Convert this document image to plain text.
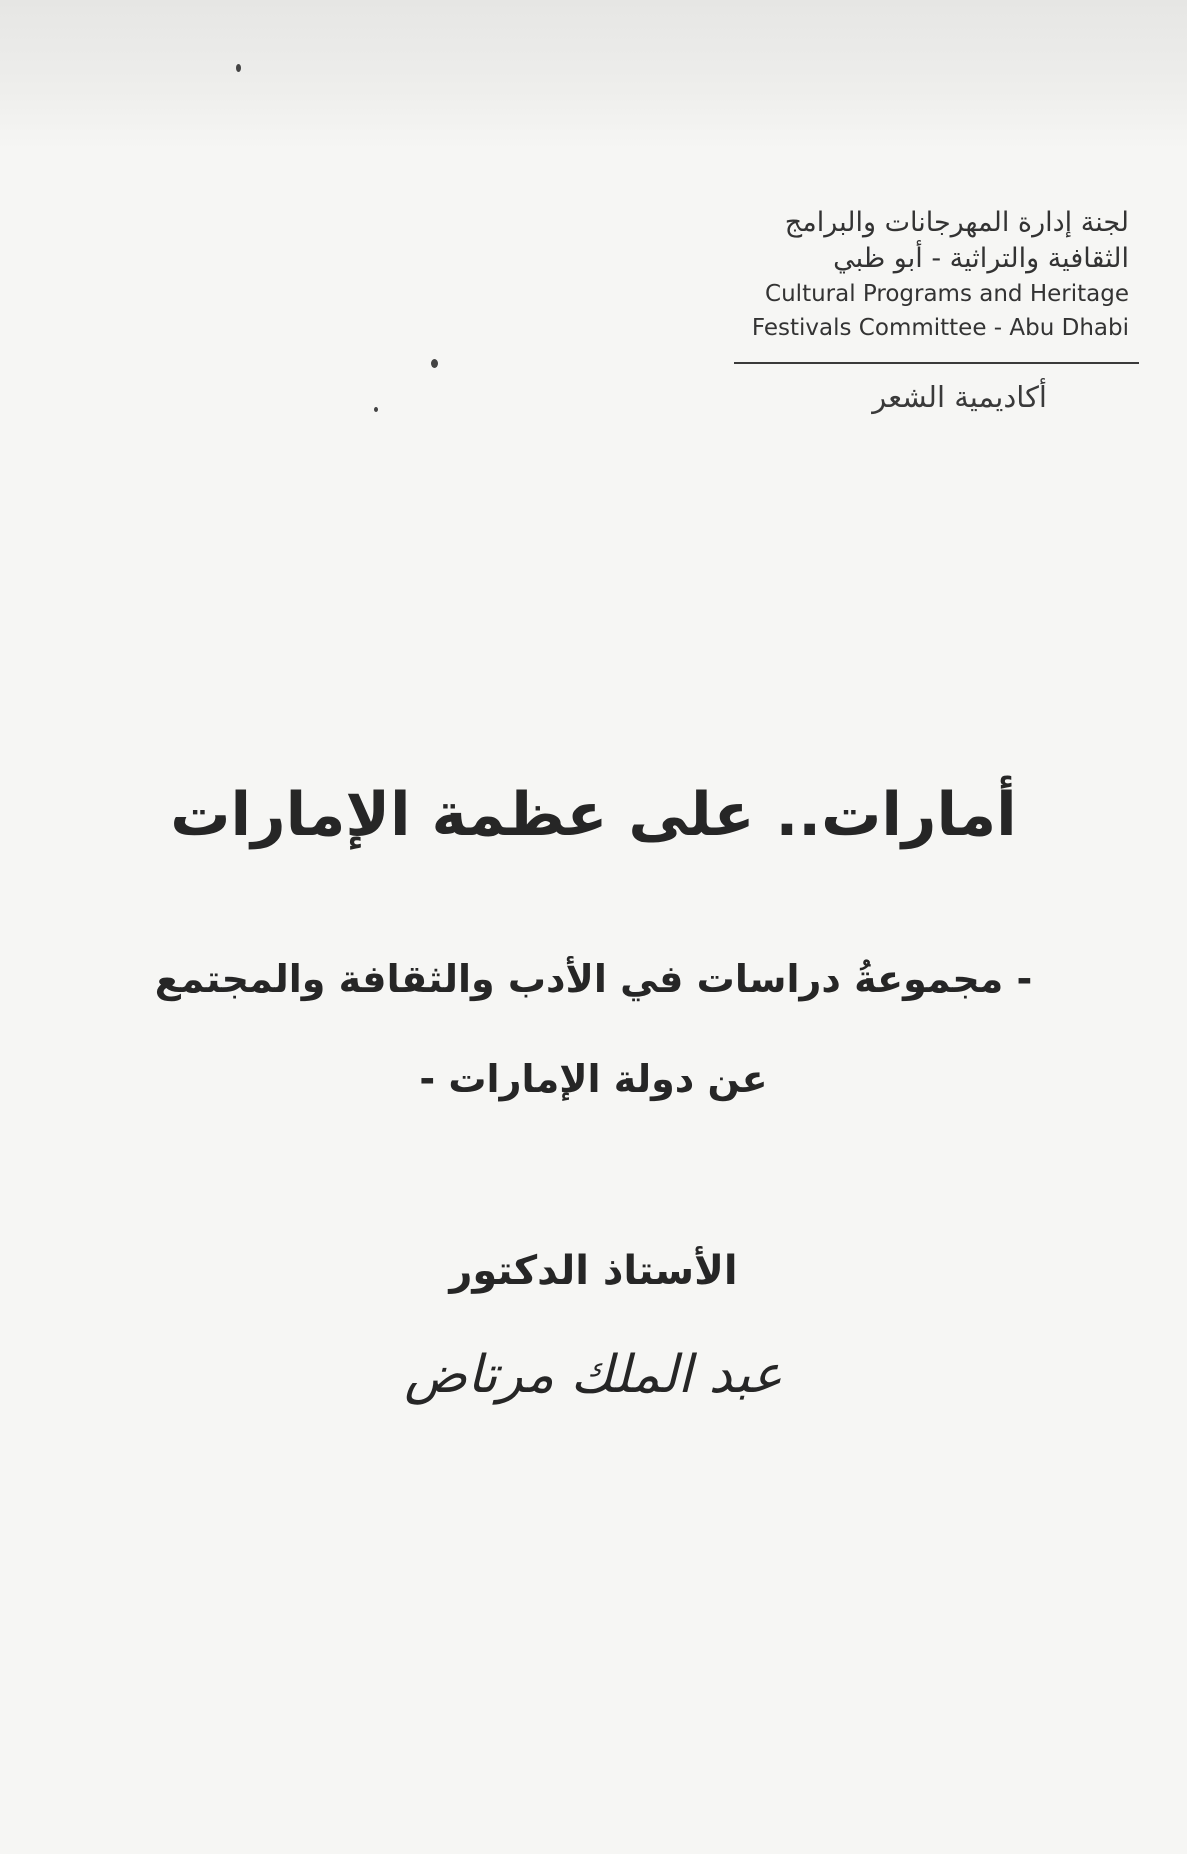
لجنة إدارة المهرجانات والبرامج
الثقافية والتراثية - أبو ظبي
Cultural Programs and Heritage
Festivals Committee - Abu Dhabi
أكاديمية الشعر
أمارات.. على عظمة الإمارات
- مجموعةُ دراسات في الأدب والثقافة والمجتمع
عن دولة الإمارات -
الأستاذ الدكتور
عبد الملك مرتاض
